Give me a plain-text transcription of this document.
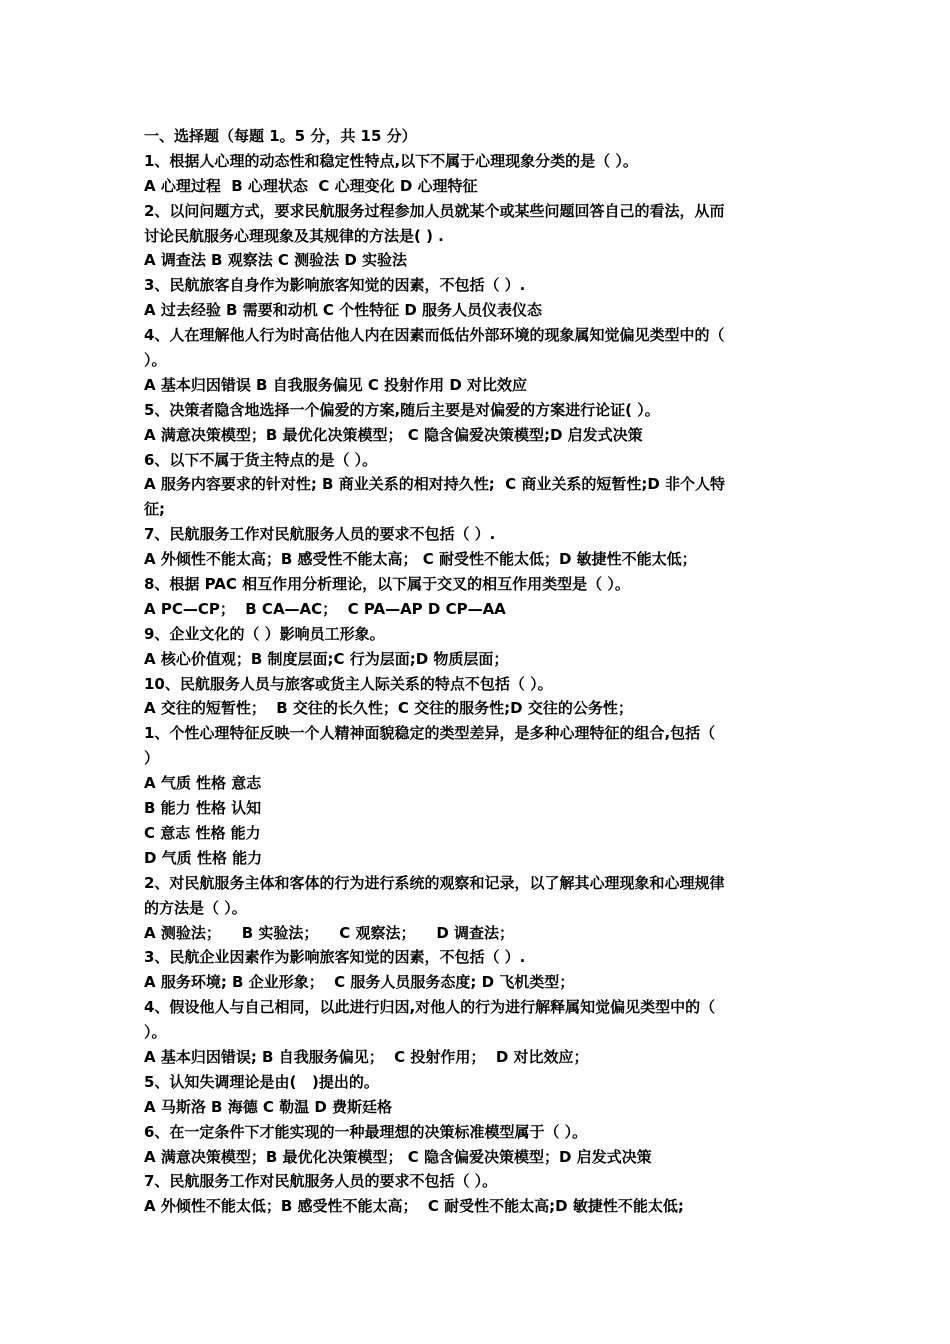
一、选择题（每题 1。5 分，共 15 分）
1、根据人心理的动态性和稳定性特点,以下不属于心理现象分类的是（ ）。
A 心理过程  B 心理状态  C 心理变化 D 心理特征
2、以问问题方式，要求民航服务过程参加人员就某个或某些问题回答自己的看法，从而
讨论民航服务心理现象及其规律的方法是( ) .
A 调查法 B 观察法 C 测验法 D 实验法
3、民航旅客自身作为影响旅客知觉的因素，不包括（ ）.
A 过去经验 B 需要和动机 C 个性特征 D 服务人员仪表仪态
4、人在理解他人行为时高估他人内在因素而低估外部环境的现象属知觉偏见类型中的（
）。
A 基本归因错误 B 自我服务偏见 C 投射作用 D 对比效应
5、决策者隐含地选择一个偏爱的方案,随后主要是对偏爱的方案进行论证( ）。
A 满意决策模型；B 最优化决策模型； C 隐含偏爱决策模型;D 启发式决策
6、以下不属于货主特点的是（ ）。
A 服务内容要求的针对性; B 商业关系的相对持久性;  C 商业关系的短暂性;D 非个人特
征;
7、民航服务工作对民航服务人员的要求不包括（ ）.
A 外倾性不能太高；B 感受性不能太高； C 耐受性不能太低；D 敏捷性不能太低；
8、根据 PAC 相互作用分析理论，以下属于交叉的相互作用类型是（ ）。
A PC—CP；  B CA—AC；  C PA—AP D CP—AA
9、企业文化的（ ）影响员工形象。
A 核心价值观；B 制度层面;C 行为层面;D 物质层面；
10、民航服务人员与旅客或货主人际关系的特点不包括（ ）。
A 交往的短暂性；  B 交往的长久性；C 交往的服务性;D 交往的公务性；
1、个性心理特征反映一个人精神面貌稳定的类型差异，是多种心理特征的组合,包括（
）
A 气质 性格 意志
B 能力 性格 认知
C 意志 性格 能力
D 气质 性格 能力
2、对民航服务主体和客体的行为进行系统的观察和记录，以了解其心理现象和心理规律
的方法是（ ）。
A 测验法；    B 实验法；    C 观察法；    D 调查法；
3、民航企业因素作为影响旅客知觉的因素，不包括（ ）.
A 服务环境; B 企业形象；  C 服务人员服务态度; D 飞机类型；
4、假设他人与自己相同，以此进行归因,对他人的行为进行解释属知觉偏见类型中的（
）。
A 基本归因错误; B 自我服务偏见；  C 投射作用；  D 对比效应；
5、认知失调理论是由(   )提出的。
A 马斯洛 B 海德 C 勒温 D 费斯廷格
6、在一定条件下才能实现的一种最理想的决策标准模型属于（ ）。
A 满意决策模型；B 最优化决策模型； C 隐含偏爱决策模型；D 启发式决策
7、民航服务工作对民航服务人员的要求不包括（ ）。
A 外倾性不能太低；B 感受性不能太高；  C 耐受性不能太高;D 敏捷性不能太低;
